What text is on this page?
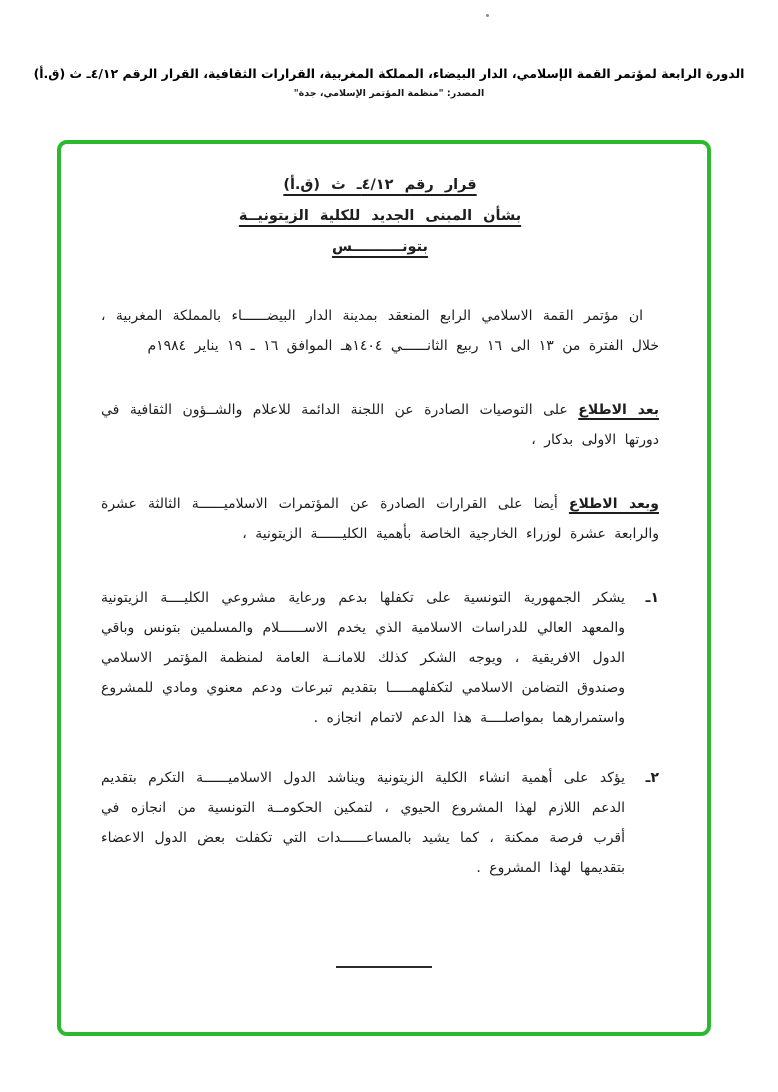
الدورة الرابعة لمؤتمر القمة الإسلامي، الدار البيضاء، المملكة المغربية، القرارات الثقافية، القرار الرقم ٤/١٢ـ ث (ق.أ)
المصدر: "منظمة المؤتمر الإسلامي، جدة"
قرار رقم ٤/١٢ـ ث (ق.أ)
بشأن المبنى الجديد للكلية الزيتونيــة
بتونــــــــــس

ان مؤتمر القمة الاسلامي الرابع المنعقد بمدينة الدار البيضــــــاء بالمملكة المغربية ، خلال الفترة من ١٣ الى ١٦ ربيع الثانــــــي ١٤٠٤هـ الموافق ١٦ ـ ١٩ يناير ١٩٨٤م

بعد الاطلاع على التوصيات الصادرة عن اللجنة الدائمة للاعلام والشــؤون الثقافية في دورتها الاولى بدكار ،

وبعد الاطلاع أيضا على القرارات الصادرة عن المؤتمرات الاسلاميــــــة الثالثة عشرة والرابعة عشرة لوزراء الخارجية الخاصة بأهمية الكليــــــة الزيتونية ،

١ـ

يشكر الجمهورية التونسية على تكفلها بدعم ورعاية مشروعي الكليــــة الزيتونية والمعهد العالي للدراسات الاسلامية الذي يخدم الاســــــلام والمسلمين بتونس وباقي الدول الافريقية ، ويوجه الشكر كذلك للامانــة العامة لمنظمة المؤتمر الاسلامي وصندوق التضامن الاسلامي لتكفلهمـــــا بتقديم تبرعات ودعم معنوي ومادي للمشروع واستمرارهما بمواصلــــة هذا الدعم لاتمام انجازه .

٢ـ

يؤكد على أهمية انشاء الكلية الزيتونية ويناشد الدول الاسلاميــــــة التكرم بتقديم الدعم اللازم لهذا المشروع الحيوي ، لتمكين الحكومــة التونسية من انجازه في أقرب فرصة ممكنة ، كما يشيد بالمساعــــــدات التي تكفلت بعض الدول الاعضاء بتقديمها لهذا المشروع .
